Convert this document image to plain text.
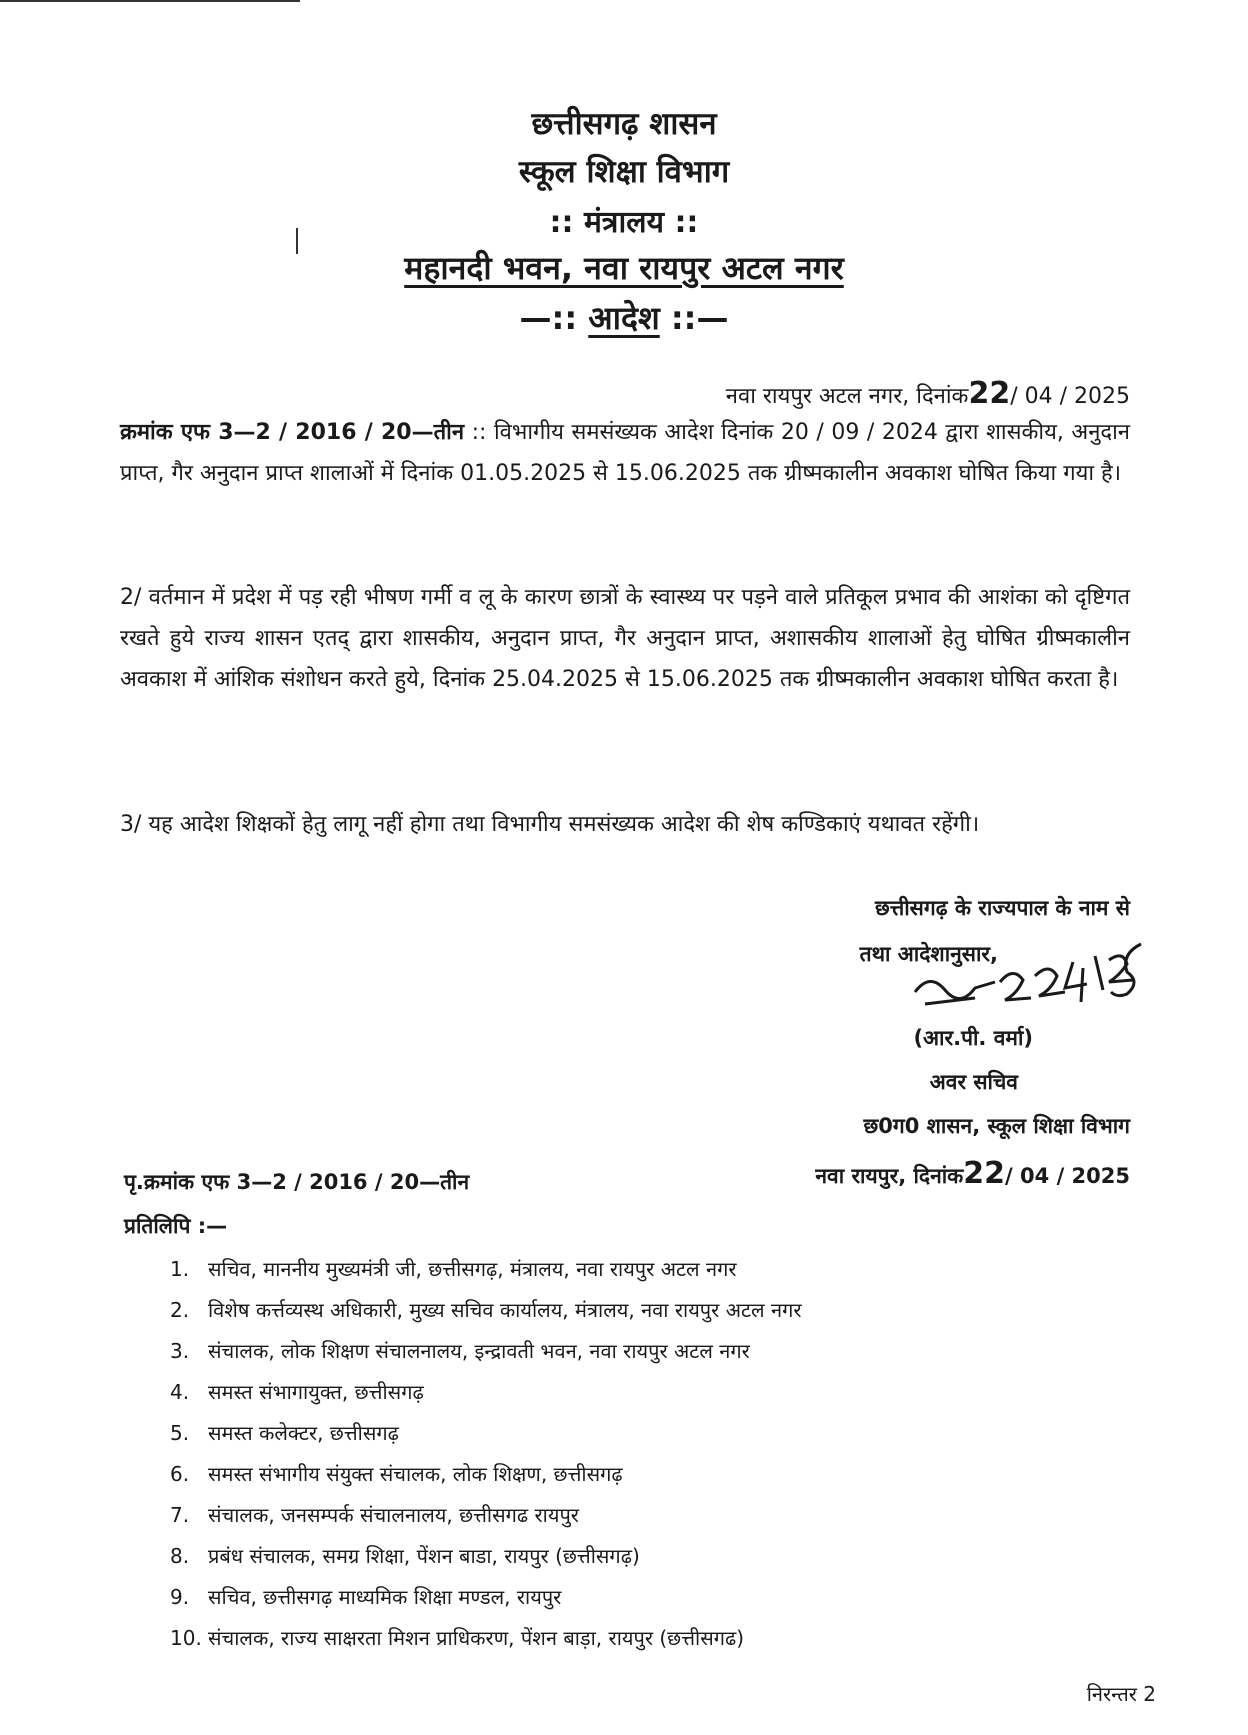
छत्तीसगढ़ शासन
स्कूल शिक्षा विभाग
:: मंत्रालय ::
महानदी भवन, नवा रायपुर अटल नगर
—:: आदेश ::—
नवा रायपुर अटल नगर, दिनांक22/ 04 / 2025
क्रमांक एफ 3—2 / 2016 / 20—तीन :: विभागीय समसंख्यक आदेश दिनांक 20 / 09 / 2024 द्वारा शासकीय, अनुदान प्राप्त, गैर अनुदान प्राप्त शालाओं में दिनांक 01.05.2025 से 15.06.2025 तक ग्रीष्मकालीन अवकाश घोषित किया गया है।
2/ वर्तमान में प्रदेश में पड़ रही भीषण गर्मी व लू के कारण छात्रों के स्वास्थ्य पर पड़ने वाले प्रतिकूल प्रभाव की आशंका को दृष्टिगत रखते हुये राज्य शासन एतद् द्वारा शासकीय, अनुदान प्राप्त, गैर अनुदान प्राप्त, अशासकीय शालाओं हेतु घोषित ग्रीष्मकालीन अवकाश में आंशिक संशोधन करते हुये, दिनांक 25.04.2025 से 15.06.2025 तक ग्रीष्मकालीन अवकाश घोषित करता है।
3/ यह आदेश शिक्षकों हेतु लागू नहीं होगा तथा विभागीय समसंख्यक आदेश की शेष कण्डिकाएं यथावत रहेंगी।
छत्तीसगढ़ के राज्यपाल के नाम से
तथा आदेशानुसार,
(आर.पी. वर्मा)
अवर सचिव
छ0ग0 शासन, स्कूल शिक्षा विभाग
नवा रायपुर, दिनांक22/ 04 / 2025
पृ.क्रमांक एफ 3—2 / 2016 / 20—तीन
प्रतिलिपि :—
1. सचिव, माननीय मुख्यमंत्री जी, छत्तीसगढ़, मंत्रालय, नवा रायपुर अटल नगर
2. विशेष कर्त्तव्यस्थ अधिकारी, मुख्य सचिव कार्यालय, मंत्रालय, नवा रायपुर अटल नगर
3. संचालक, लोक शिक्षण संचालनालय, इन्द्रावती भवन, नवा रायपुर अटल नगर
4. समस्त संभागायुक्त, छत्तीसगढ़
5. समस्त कलेक्टर, छत्तीसगढ़
6. समस्त संभागीय संयुक्त संचालक, लोक शिक्षण, छत्तीसगढ़
7. संचालक, जनसम्पर्क संचालनालय, छत्तीसगढ रायपुर
8. प्रबंध संचालक, समग्र शिक्षा, पेंशन बाडा, रायपुर (छत्तीसगढ़)
9. सचिव, छत्तीसगढ़ माध्यमिक शिक्षा मण्डल, रायपुर
10. संचालक, राज्य साक्षरता मिशन प्राधिकरण, पेंशन बाड़ा, रायपुर (छत्तीसगढ)
निरन्तर 2
